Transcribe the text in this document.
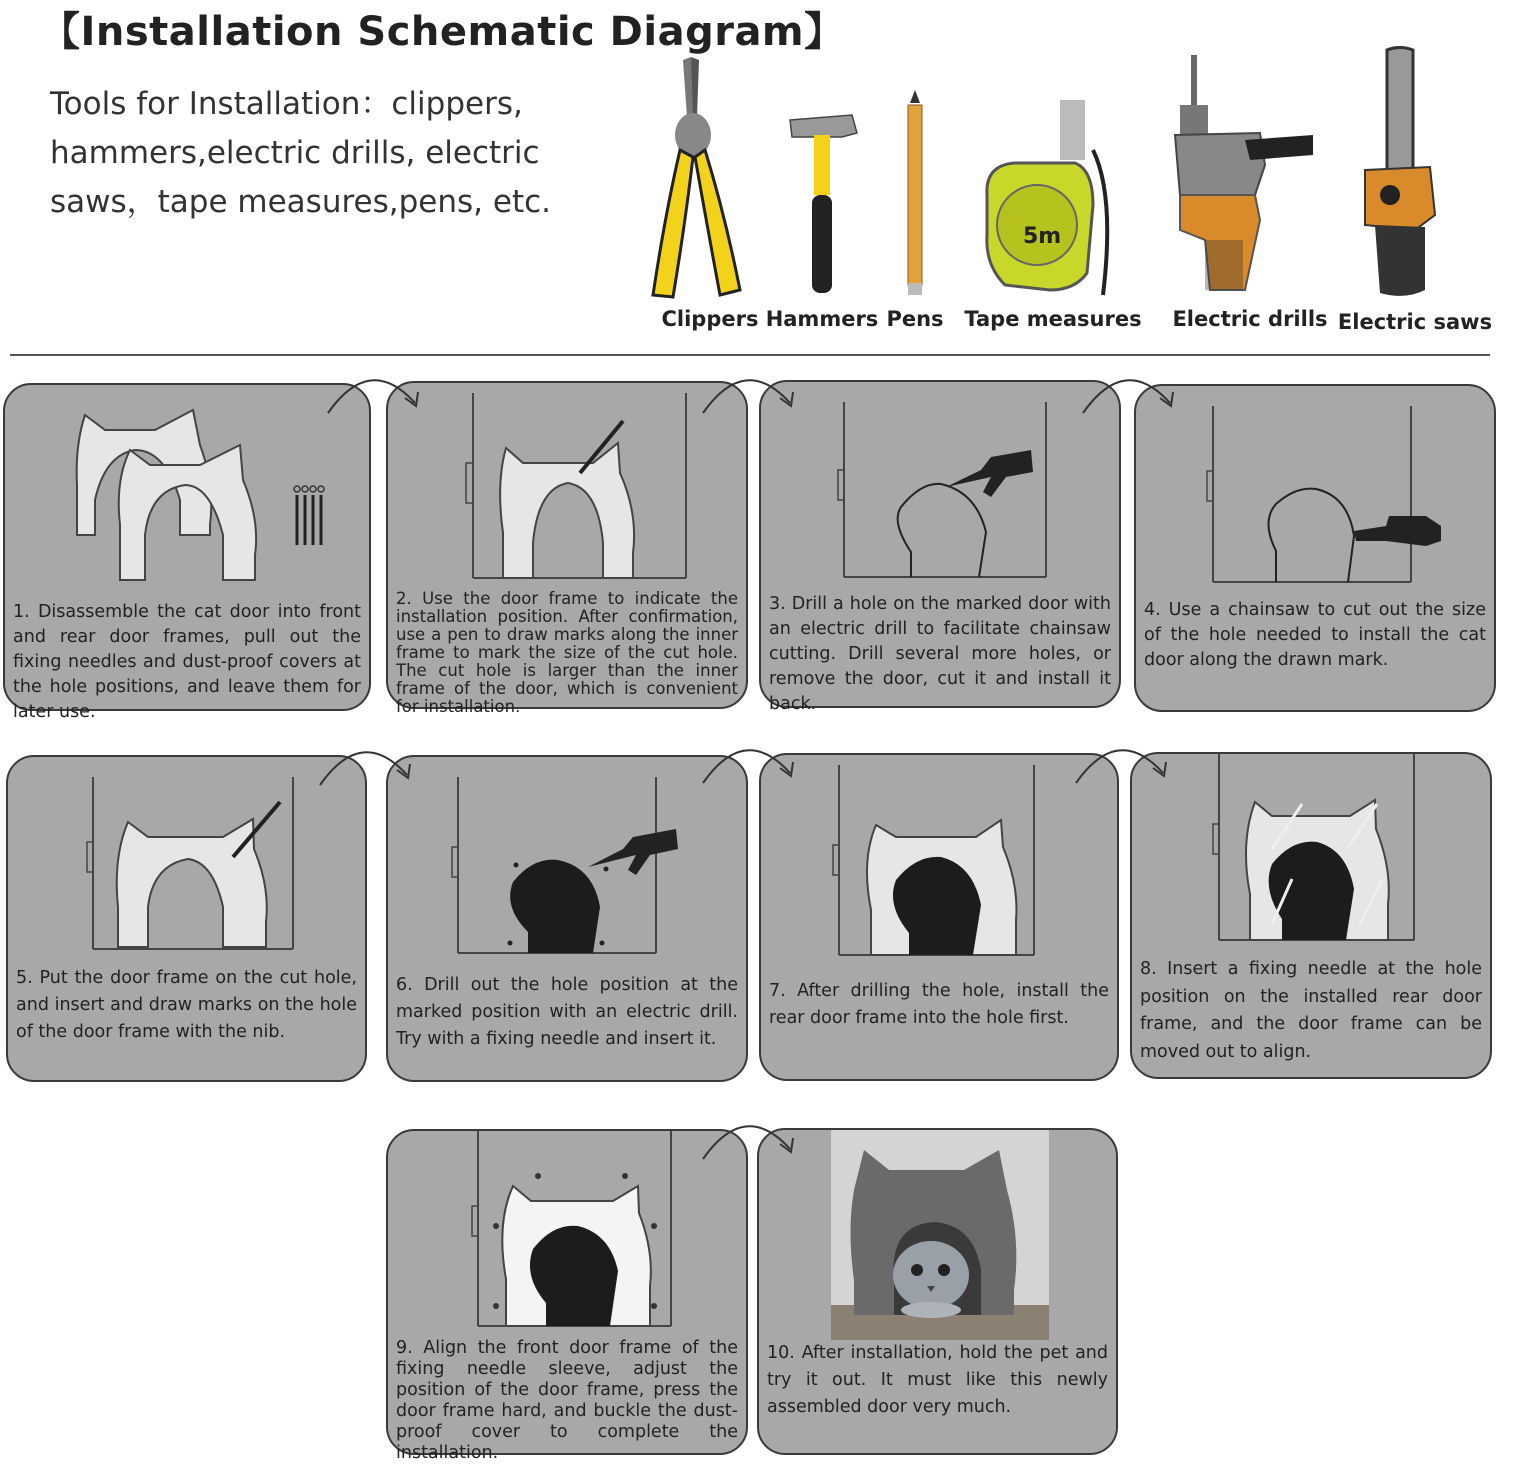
【Installation Schematic Diagram】
Tools for Installation：clippers, hammers,electric drills, electric saws，tape measures,pens, etc.
Clippers Hammers Pens
5m
Tape measures	Electric drills Electric saws
1. Disassemble the cat door into front and rear door frames, pull out the fixing needles and dust-proof covers at the hole positions, and leave them for later use.
2. Use the door frame to indicate the installation position. After confirmation, use a pen to draw marks along the inner frame to mark the size of the cut hole. The cut hole is larger than the inner frame of the door, which is convenient for installation.
3. Drill a hole on the marked door with an electric drill to facilitate chainsaw cutting. Drill several more holes, or remove the door, cut it and install it back.
4. Use a chainsaw to cut out the size of the hole needed to install the cat door along the drawn mark.
5. Put the door frame on the cut hole, and insert and draw marks on the hole of the door frame with the nib.
6. Drill out the hole position at the marked position with an electric drill. Try with a fixing needle and insert it.
7. After drilling the hole, install the rear door frame into the hole first.
8. Insert a fixing needle at the hole position on the installed rear door frame, and the door frame can be moved out to align.
9. Align the front door frame of the fixing needle sleeve, adjust the position of the door frame, press the door frame hard, and buckle the dust-proof cover to complete the installation.
10. After installation, hold the pet and try it out. It must like this newly assembled door very much.
